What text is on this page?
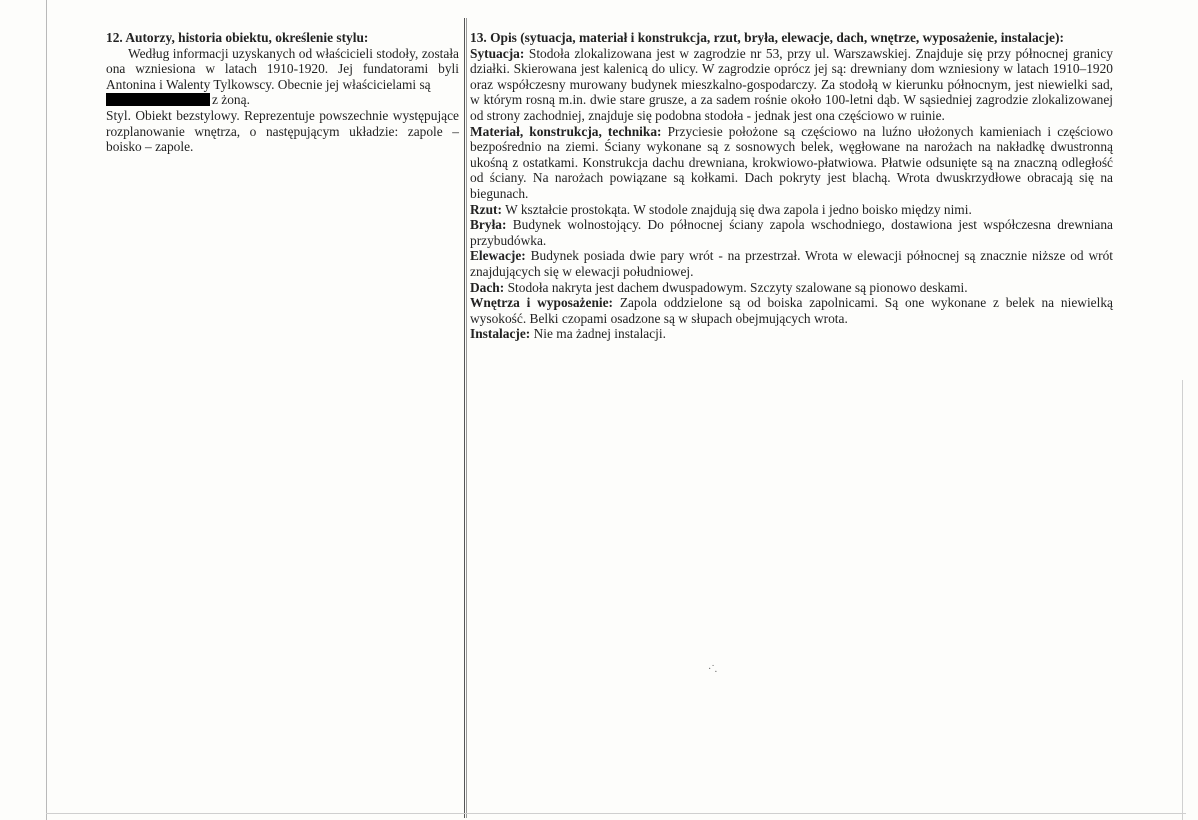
12. Autorzy, historia obiektu, określenie stylu:
Według informacji uzyskanych od właścicieli stodoły, została ona wzniesiona w latach 1910-1920. Jej fundatorami byli Antonina i Walenty Tylkowscy. Obecnie jej właścicielami są
z żoną.
Styl. Obiekt bezstylowy. Reprezentuje powszechnie występujące rozplanowanie wnętrza, o następującym układzie: zapole – boisko – zapole.
13. Opis (sytuacja, materiał i konstrukcja, rzut, bryła, elewacje, dach, wnętrze, wyposażenie, instalacje):
Sytuacja: Stodoła zlokalizowana jest w zagrodzie nr 53, przy ul. Warszawskiej. Znajduje się przy północnej granicy działki. Skierowana jest kalenicą do ulicy. W zagrodzie oprócz jej są: drewniany dom wzniesiony w latach 1910–1920 oraz współczesny murowany budynek mieszkalno-gospodarczy. Za stodołą w kierunku północnym, jest niewielki sad, w którym rosną m.in. dwie stare grusze, a za sadem rośnie około 100-letni dąb. W sąsiedniej zagrodzie zlokalizowanej od strony zachodniej, znajduje się podobna stodoła - jednak jest ona częściowo w ruinie.
Materiał, konstrukcja, technika: Przyciesie położone są częściowo na luźno ułożonych kamieniach i częściowo bezpośrednio na ziemi. Ściany wykonane są z sosnowych belek, węgłowane na narożach na nakładkę dwustronną ukośną z ostatkami. Konstrukcja dachu drewniana, krokwiowo-płatwiowa. Płatwie odsunięte są na znaczną odległość od ściany. Na narożach powiązane są kołkami. Dach pokryty jest blachą. Wrota dwuskrzydłowe obracają się na biegunach.
Rzut: W kształcie prostokąta. W stodole znajdują się dwa zapola i jedno boisko między nimi.
Bryła: Budynek wolnostojący. Do północnej ściany zapola wschodniego, dostawiona jest współczesna drewniana przybudówka.
Elewacje: Budynek posiada dwie pary wrót - na przestrzał. Wrota w elewacji północnej są znacznie niższe od wrót znajdujących się w elewacji południowej.
Dach: Stodoła nakryta jest dachem dwuspadowym. Szczyty szalowane są pionowo deskami.
Wnętrza i wyposażenie: Zapola oddzielone są od boiska zapolnicami. Są one wykonane z belek na niewielką wysokość. Belki czopami osadzone są w słupach obejmujących wrota.
Instalacje: Nie ma żadnej instalacji.
·˙.
